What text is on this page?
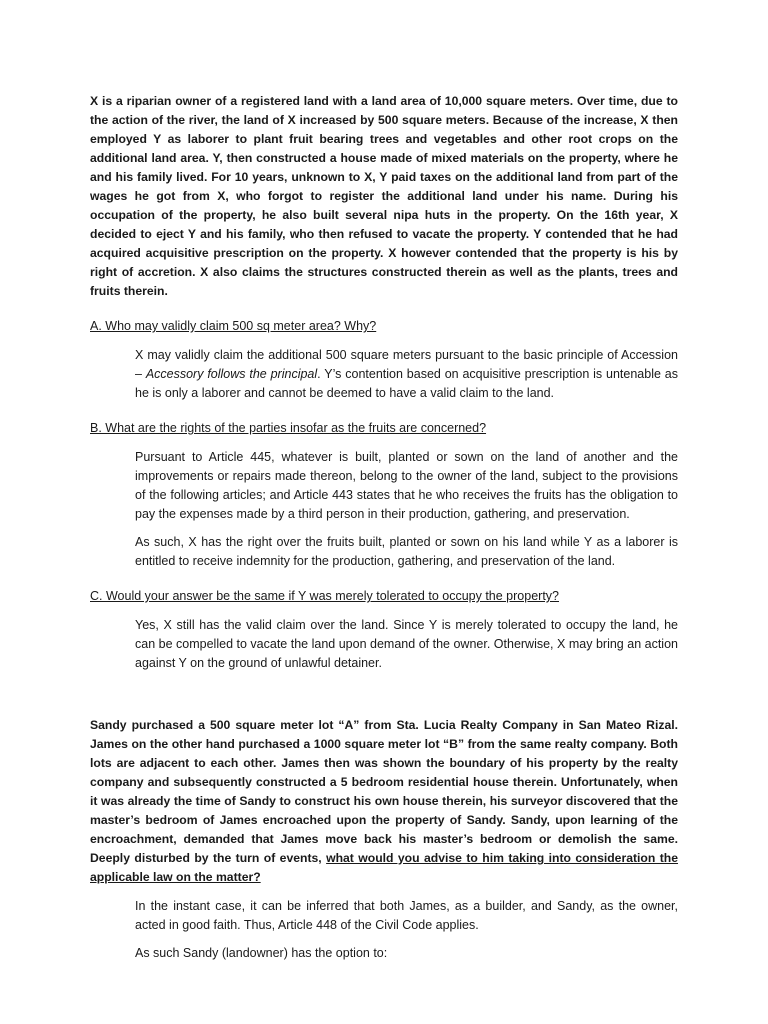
X is a riparian owner of a registered land with a land area of 10,000 square meters. Over time, due to the action of the river, the land of X increased by 500 square meters. Because of the increase, X then employed Y as laborer to plant fruit bearing trees and vegetables and other root crops on the additional land area. Y, then constructed a house made of mixed materials on the property, where he and his family lived. For 10 years, unknown to X, Y paid taxes on the additional land from part of the wages he got from X, who forgot to register the additional land under his name. During his occupation of the property, he also built several nipa huts in the property. On the 16th year, X decided to eject Y and his family, who then refused to vacate the property. Y contended that he had acquired acquisitive prescription on the property. X however contended that the property is his by right of accretion. X also claims the structures constructed therein as well as the plants, trees and fruits therein.

A. Who may validly claim 500 sq meter area? Why?

X may validly claim the additional 500 square meters pursuant to the basic principle of Accession – Accessory follows the principal. Y’s contention based on acquisitive prescription is untenable as he is only a laborer and cannot be deemed to have a valid claim to the land.

B. What are the rights of the parties insofar as the fruits are concerned?

Pursuant to Article 445, whatever is built, planted or sown on the land of another and the improvements or repairs made thereon, belong to the owner of the land, subject to the provisions of the following articles; and Article 443 states that he who receives the fruits has the obligation to pay the expenses made by a third person in their production, gathering, and preservation.

As such, X has the right over the fruits built, planted or sown on his land while Y as a laborer is entitled to receive indemnity for the production, gathering, and preservation of the land.

C. Would your answer be the same if Y was merely tolerated to occupy the property?

Yes, X still has the valid claim over the land. Since Y is merely tolerated to occupy the land, he can be compelled to vacate the land upon demand of the owner. Otherwise, X may bring an action against Y on the ground of unlawful detainer.

Sandy purchased a 500 square meter lot “A” from Sta. Lucia Realty Company in San Mateo Rizal. James on the other hand purchased a 1000 square meter lot “B” from the same realty company. Both lots are adjacent to each other. James then was shown the boundary of his property by the realty company and subsequently constructed a 5 bedroom residential house therein. Unfortunately, when it was already the time of Sandy to construct his own house therein, his surveyor discovered that the master’s bedroom of James encroached upon the property of Sandy. Sandy, upon learning of the encroachment, demanded that James move back his master’s bedroom or demolish the same. Deeply disturbed by the turn of events, what would you advise to him taking into consideration the applicable law on the matter?

In the instant case, it can be inferred that both James, as a builder, and Sandy, as the owner, acted in good faith. Thus, Article 448 of the Civil Code applies.

As such Sandy (landowner) has the option to:
